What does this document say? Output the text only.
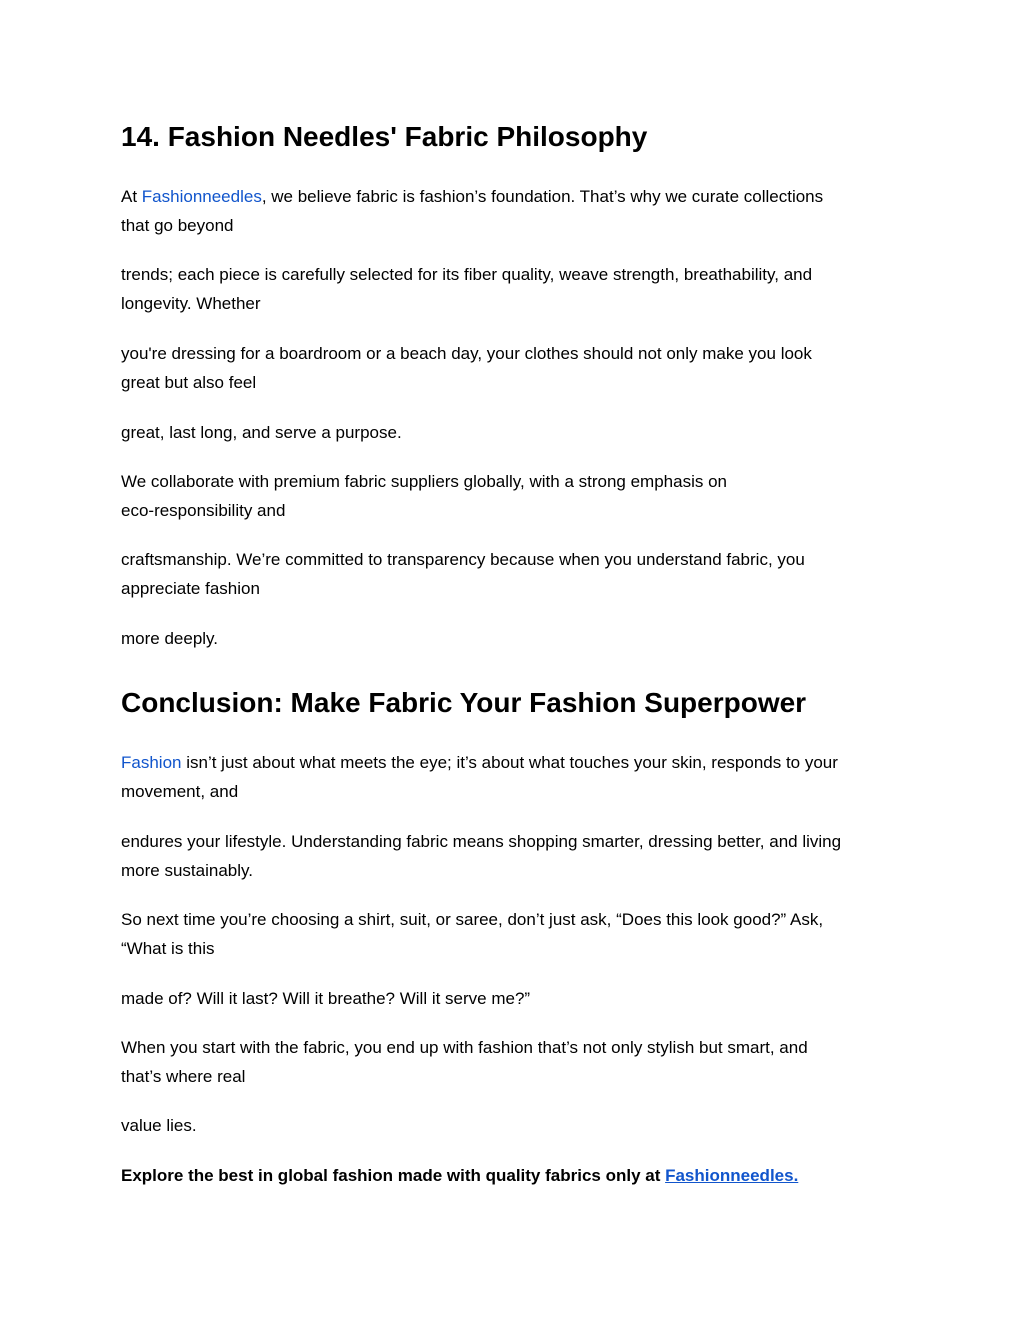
14. Fashion Needles' Fabric Philosophy

At Fashionneedles, we believe fabric is fashion’s foundation. That’s why we curate collections
that go beyond

trends; each piece is carefully selected for its fiber quality, weave strength, breathability, and
longevity. Whether

you're dressing for a boardroom or a beach day, your clothes should not only make you look
great but also feel

great, last long, and serve a purpose.

We collaborate with premium fabric suppliers globally, with a strong emphasis on
eco-responsibility and

craftsmanship. We’re committed to transparency because when you understand fabric, you
appreciate fashion

more deeply.

Conclusion: Make Fabric Your Fashion Superpower

Fashion isn’t just about what meets the eye; it’s about what touches your skin, responds to your
movement, and

endures your lifestyle. Understanding fabric means shopping smarter, dressing better, and living
more sustainably.

So next time you’re choosing a shirt, suit, or saree, don’t just ask, “Does this look good?” Ask,
“What is this

made of? Will it last? Will it breathe? Will it serve me?”

When you start with the fabric, you end up with fashion that’s not only stylish but smart, and
that’s where real

value lies.

Explore the best in global fashion made with quality fabrics only at Fashionneedles.
